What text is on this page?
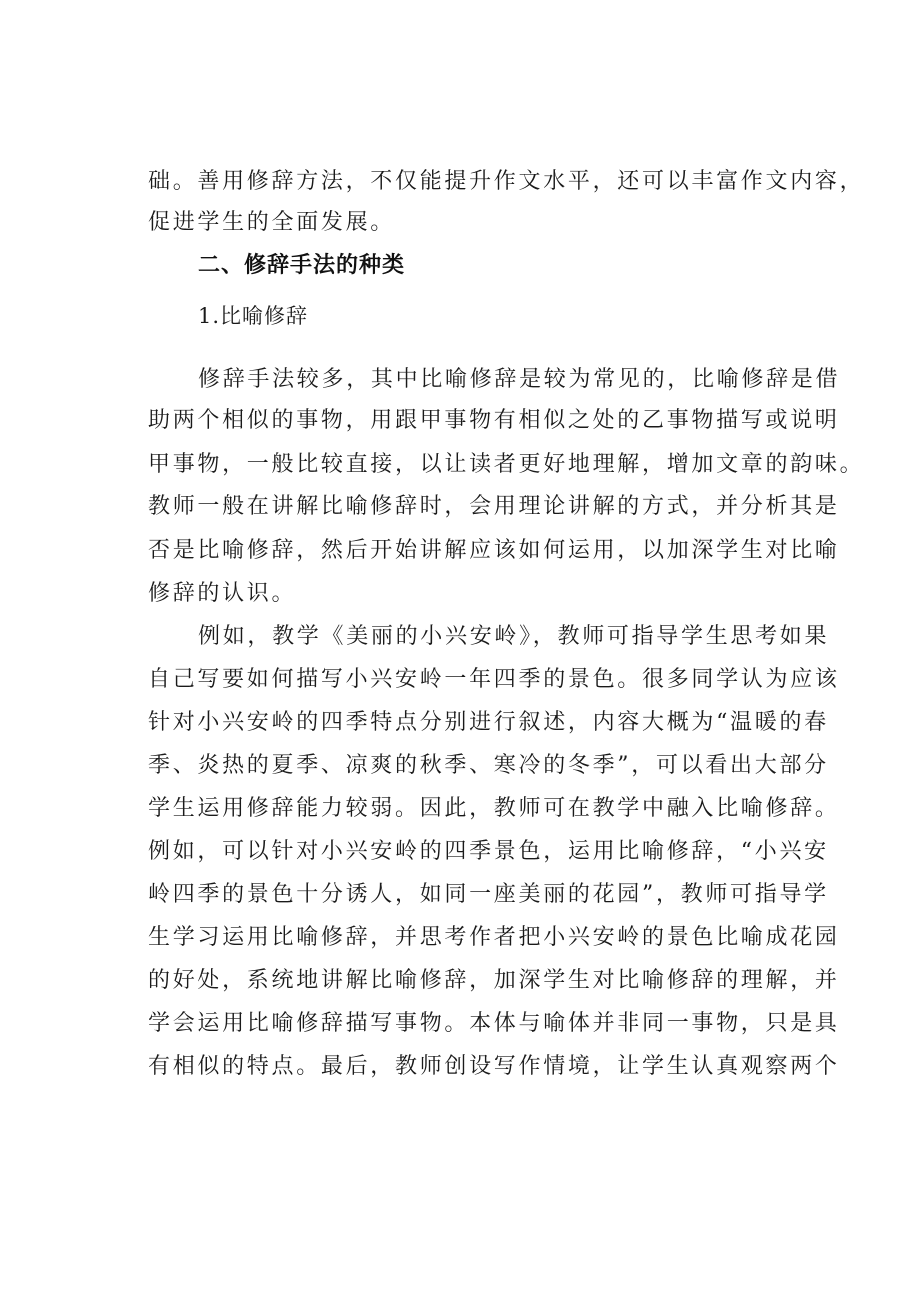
础。善用修辞方法，不仅能提升作文水平，还可以丰富作文内容，
促进学生的全面发展。
二、修辞手法的种类
1.比喻修辞
修辞手法较多，其中比喻修辞是较为常见的，比喻修辞是借
助两个相似的事物，用跟甲事物有相似之处的乙事物描写或说明
甲事物，一般比较直接，以让读者更好地理解，增加文章的韵味。
教师一般在讲解比喻修辞时，会用理论讲解的方式，并分析其是
否是比喻修辞，然后开始讲解应该如何运用，以加深学生对比喻
修辞的认识。
例如，教学《美丽的小兴安岭》，教师可指导学生思考如果
自己写要如何描写小兴安岭一年四季的景色。很多同学认为应该
针对小兴安岭的四季特点分别进行叙述，内容大概为“温暖的春
季、炎热的夏季、凉爽的秋季、寒冷的冬季”，可以看出大部分
学生运用修辞能力较弱。因此，教师可在教学中融入比喻修辞。
例如，可以针对小兴安岭的四季景色，运用比喻修辞，“小兴安
岭四季的景色十分诱人，如同一座美丽的花园”，教师可指导学
生学习运用比喻修辞，并思考作者把小兴安岭的景色比喻成花园
的好处，系统地讲解比喻修辞，加深学生对比喻修辞的理解，并
学会运用比喻修辞描写事物。本体与喻体并非同一事物，只是具
有相似的特点。最后，教师创设写作情境，让学生认真观察两个
